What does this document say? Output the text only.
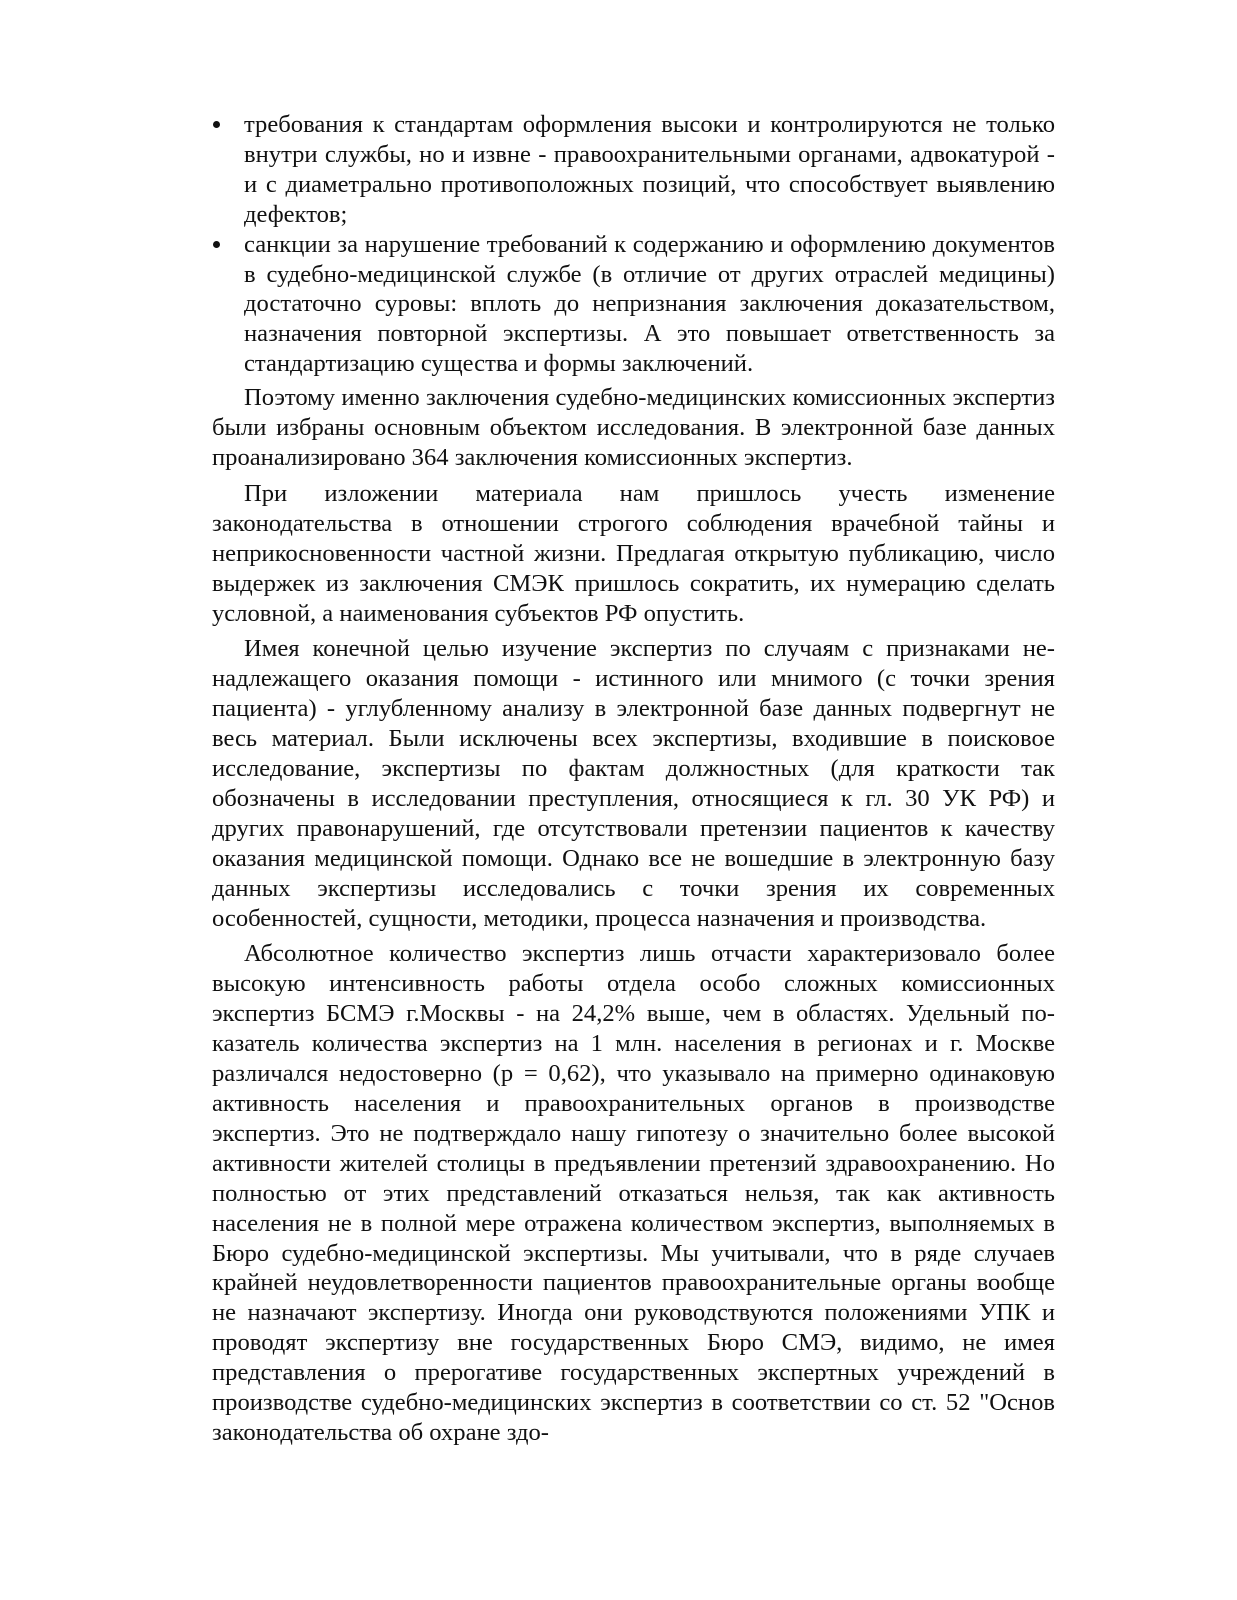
требования к стандартам оформления высоки и контролируются не только внутри службы, но и извне - правоохранительными органами, адвокатурой - и с диаметрально противоположных позиций, что способствует выявлению дефектов;
санкции за нарушение требований к содержанию и оформлению документов в судебно-медицинской службе (в отличие от других отраслей медицины) достаточно суровы: вплоть до непризнания заключения доказательством, назначения повторной экспертизы. А это повышает ответственность за стандартизацию существа и формы заключений.

Поэтому именно заключения судебно-медицинских комиссионных экспертиз были избраны основным объектом исследования. В электронной базе данных проанализировано 364 заключения комиссионных экспертиз.

При изложении материала нам пришлось учесть изменение законодательства в отношении строгого соблюдения врачебной тайны и неприкосновенности частной жизни. Предлагая открытую публикацию, число выдержек из заключения СМЭК пришлось сократить, их нумерацию сделать условной, а наименования субъектов РФ опустить.

Имея конечной целью изучение экспертиз по случаям с признаками ненадлежащего оказания помощи - истинного или мнимого (с точки зрения пациента) - углубленному анализу в электронной базе данных подвергнут не весь материал. Были исключены всех экспертизы, входившие в поисковое исследование, экспертизы по фактам должностных (для краткости так обозначены в исследовании преступления, относящиеся к гл. 30 УК РФ) и других правонарушений, где отсутствовали претензии пациентов к качеству оказания медицинской помощи. Однако все не вошедшие в электронную базу данных экспертизы исследовались с точки зрения их современных особенностей, сущности, методики, процесса назначения и производства.

Абсолютное количество экспертиз лишь отчасти характеризовало более высокую интенсивность работы отдела особо сложных комиссионных экспертиз БСМЭ г.Москвы - на 24,2% выше, чем в областях. Удельный показатель количества экспертиз на 1 млн. населения в регионах и г. Москве различался недостоверно (р = 0,62), что указывало на примерно одинаковую активность населения и правоохранительных органов в производстве экспертиз. Это не подтверждало нашу гипотезу о значительно более высокой активности жителей столицы в предъявлении претензий здравоохранению. Но полностью от этих представлений отказаться нельзя, так как активность населения не в полной мере отражена количеством экспертиз, выполняемых в Бюро судебно-медицинской экспертизы. Мы учитывали, что в ряде случаев крайней неудовлетворенности пациентов правоохранительные органы вообще не назначают экспертизу. Иногда они руководствуются положениями УПК и проводят экспертизу вне государственных Бюро СМЭ, видимо, не имея представления о прерогативе государственных экспертных учреждений в производстве судебно-медицинских экспертиз в соответствии со ст. 52 "Основ законодательства об охране здо-
